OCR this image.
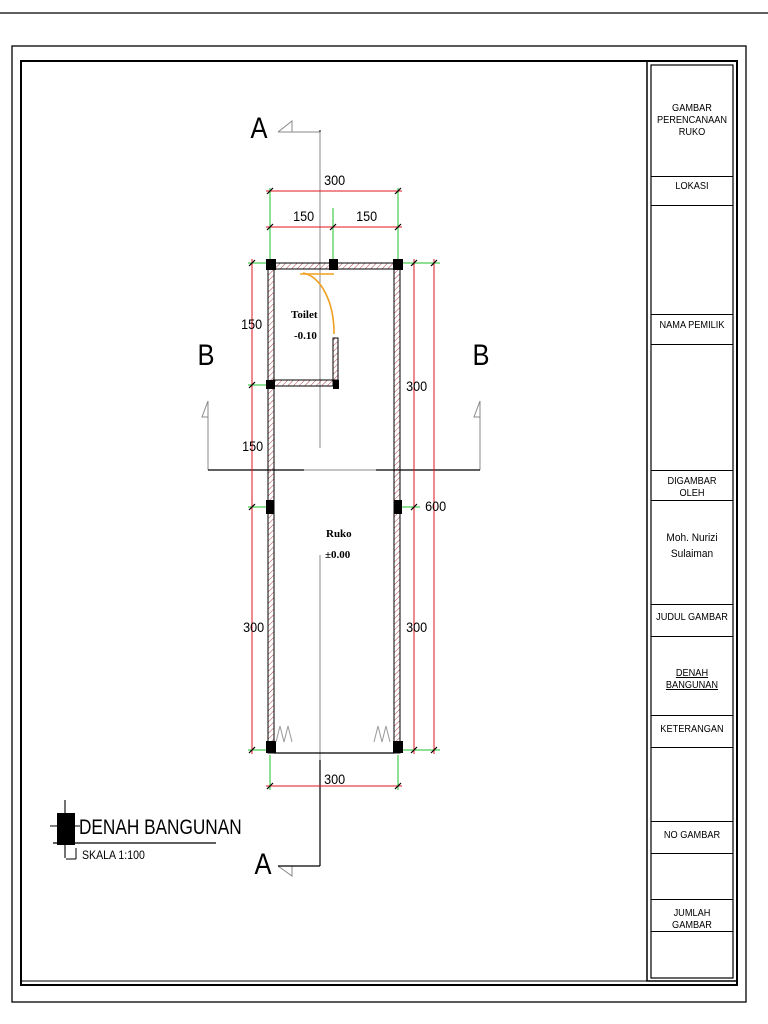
A
A
B	B
300
150	150
150
150
300
300
300
600
300
Toilet
-0.10
Ruko
±0.00
DENAH BANGUNAN
SKALA 1:100
GAMBAR PERENCANAAN RUKO
LOKASI
NAMA PEMILIK
DIGAMBAR OLEH
Moh. Nurizi Sulaiman
JUDUL GAMBAR
DENAH BANGUNAN
KETERANGAN
NO GAMBAR
JUMLAH GAMBAR
